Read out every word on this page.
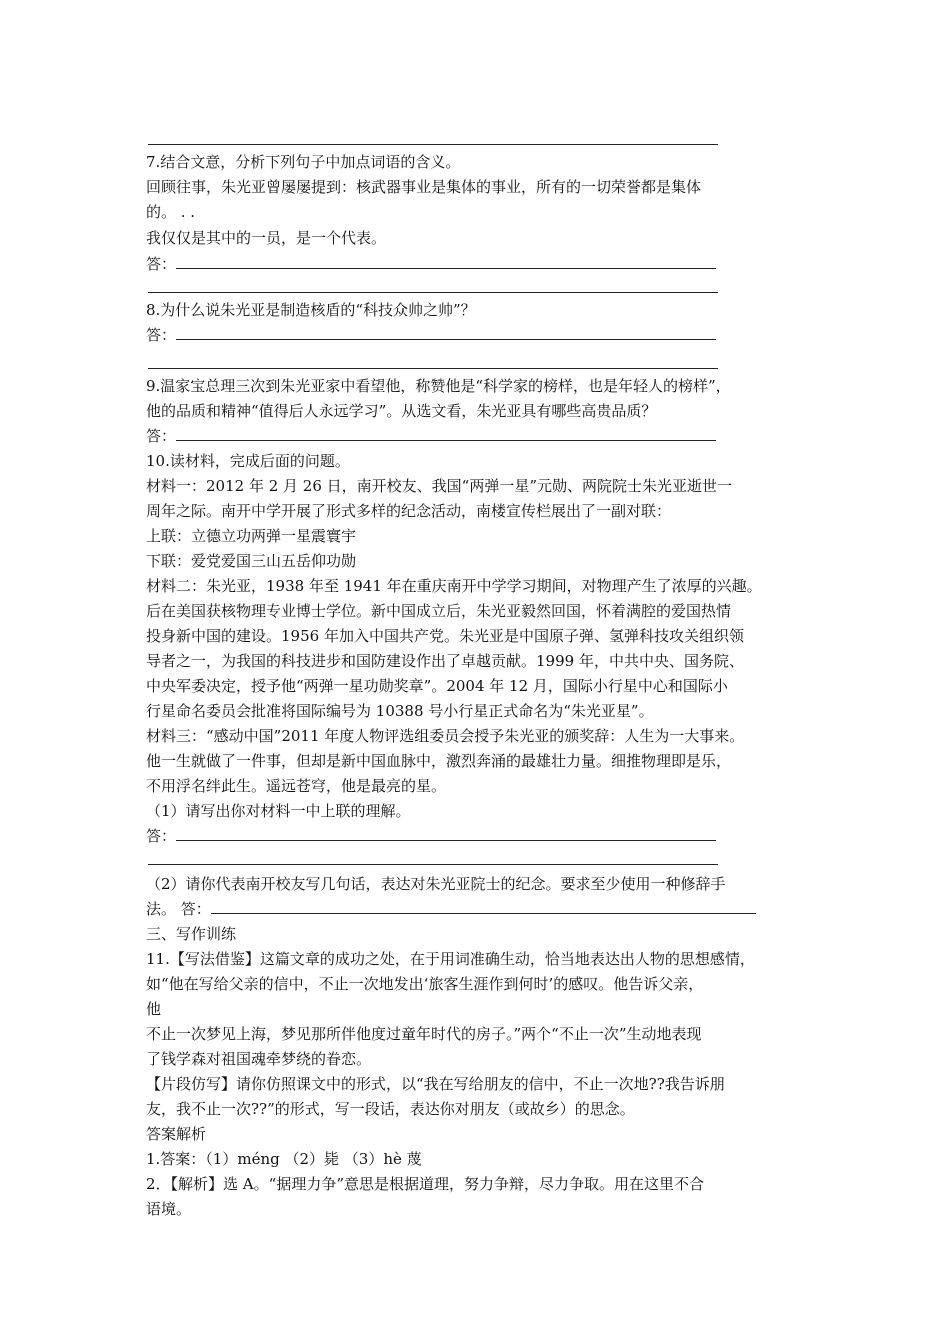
7.结合文意，分析下列句子中加点词语的含义。
回顾往事，朱光亚曾屡屡提到：核武器事业是集体的事业，所有的一切荣誉都是集体
的。 . .
我仅仅是其中的一员，是一个代表。
答：
8.为什么说朱光亚是制造核盾的“科技众帅之帅”？
答：
9.温家宝总理三次到朱光亚家中看望他，称赞他是“科学家的榜样，也是年轻人的榜样”，
他的品质和精神“值得后人永远学习”。从选文看，朱光亚具有哪些高贵品质？
答：
10.读材料，完成后面的问题。
材料一：2012 年 2 月 26 日，南开校友、我国“两弹一星”元勋、两院院士朱光亚逝世一
周年之际。南开中学开展了形式多样的纪念活动，南楼宣传栏展出了一副对联：
上联：立德立功两弹一星震寰宇
下联：爱党爱国三山五岳仰功勋
材料二：朱光亚，1938 年至 1941 年在重庆南开中学学习期间，对物理产生了浓厚的兴趣。
后在美国获核物理专业博士学位。新中国成立后，朱光亚毅然回国，怀着满腔的爱国热情
投身新中国的建设。1956 年加入中国共产党。朱光亚是中国原子弹、氢弹科技攻关组织领
导者之一，为我国的科技进步和国防建设作出了卓越贡献。1999 年，中共中央、国务院、
中央军委决定，授予他“两弹一星功勋奖章”。2004 年 12 月，国际小行星中心和国际小
行星命名委员会批准将国际编号为 10388 号小行星正式命名为“朱光亚星”。
材料三：“感动中国”2011 年度人物评选组委员会授予朱光亚的颁奖辞：人生为一大事来。
他一生就做了一件事，但却是新中国血脉中，激烈奔涌的最雄壮力量。细推物理即是乐，
不用浮名绊此生。遥远苍穹，他是最亮的星。
（1）请写出你对材料一中上联的理解。
答：
（2）请你代表南开校友写几句话，表达对朱光亚院士的纪念。要求至少使用一种修辞手
法。 答：
三、写作训练
11.【写法借鉴】这篇文章的成功之处，在于用词准确生动，恰当地表达出人物的思想感情，
如“他在写给父亲的信中，不止一次地发出‘旅客生涯作到何时’的感叹。他告诉父亲，
他
不止一次梦见上海，梦见那所伴他度过童年时代的房子。”两个“不止一次”生动地表现
了钱学森对祖国魂牵梦绕的眷恋。
【片段仿写】请你仿照课文中的形式，以“我在写给朋友的信中，不止一次地??我告诉朋
友，我不止一次??”的形式，写一段话，表达你对朋友（或故乡）的思念。
答案解析
1.答案：（1）méng （2）毙 （3）hè 蔑
2．【解析】选 A。“据理力争”意思是根据道理，努力争辩，尽力争取。用在这里不合
语境。
